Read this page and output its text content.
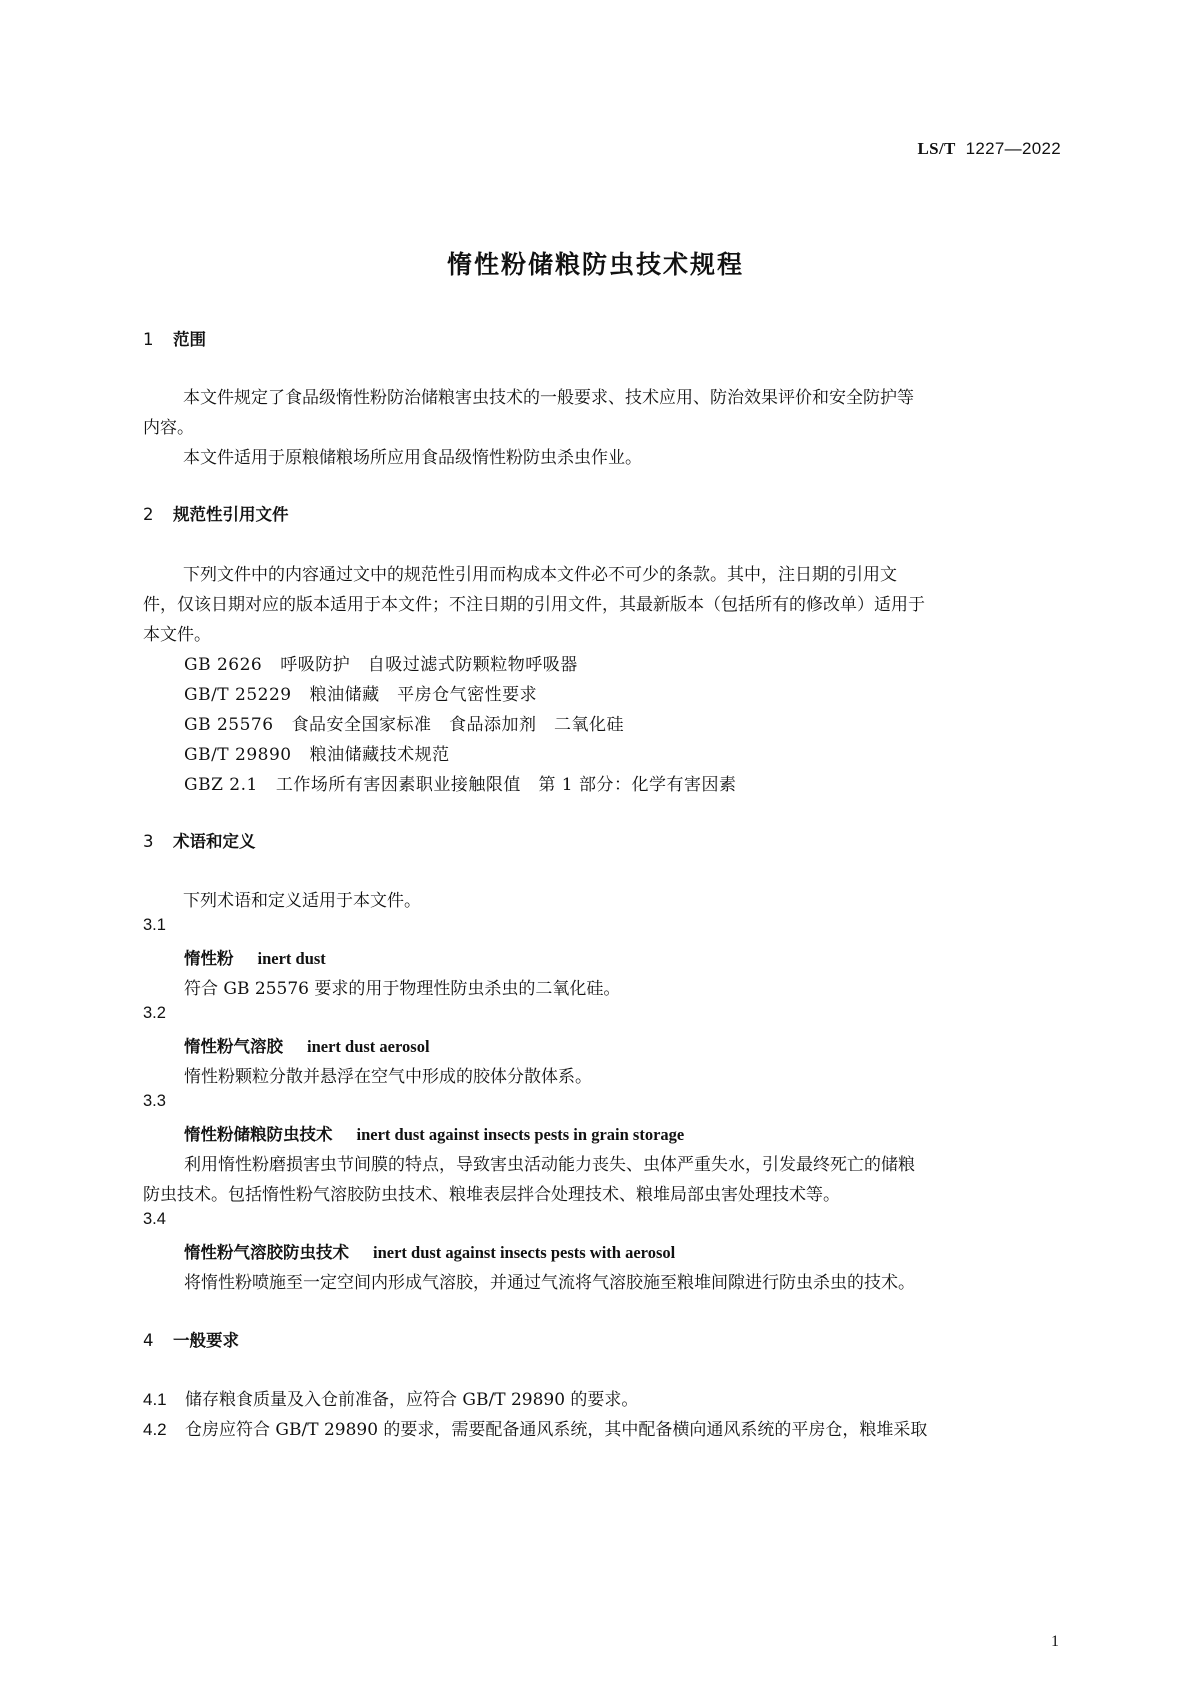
LS/T 1227—2022
惰性粉储粮防虫技术规程
1 范围
本文件规定了食品级惰性粉防治储粮害虫技术的一般要求、技术应用、防治效果评价和安全防护等
内容。
本文件适用于原粮储粮场所应用食品级惰性粉防虫杀虫作业。
2 规范性引用文件
下列文件中的内容通过文中的规范性引用而构成本文件必不可少的条款。其中，注日期的引用文
件，仅该日期对应的版本适用于本文件；不注日期的引用文件，其最新版本（包括所有的修改单）适用于
本文件。
GB 2626 呼吸防护　自吸过滤式防颗粒物呼吸器
GB/T 25229 粮油储藏　平房仓气密性要求
GB 25576 食品安全国家标准　食品添加剂　二氧化硅
GB/T 29890 粮油储藏技术规范
GBZ 2.1 工作场所有害因素职业接触限值　第 1 部分：化学有害因素
3 术语和定义
下列术语和定义适用于本文件。
3.1
惰性粉 inert dust
符合 GB 25576 要求的用于物理性防虫杀虫的二氧化硅。
3.2
惰性粉气溶胶 inert dust aerosol
惰性粉颗粒分散并悬浮在空气中形成的胶体分散体系。
3.3
惰性粉储粮防虫技术 inert dust against insects pests in grain storage
利用惰性粉磨损害虫节间膜的特点，导致害虫活动能力丧失、虫体严重失水，引发最终死亡的储粮
防虫技术。包括惰性粉气溶胶防虫技术、粮堆表层拌合处理技术、粮堆局部虫害处理技术等。
3.4
惰性粉气溶胶防虫技术 inert dust against insects pests with aerosol
将惰性粉喷施至一定空间内形成气溶胶，并通过气流将气溶胶施至粮堆间隙进行防虫杀虫的技术。
4 一般要求
4.1 储存粮食质量及入仓前准备，应符合 GB/T 29890 的要求。
4.2 仓房应符合 GB/T 29890 的要求，需要配备通风系统，其中配备横向通风系统的平房仓，粮堆采取
1
